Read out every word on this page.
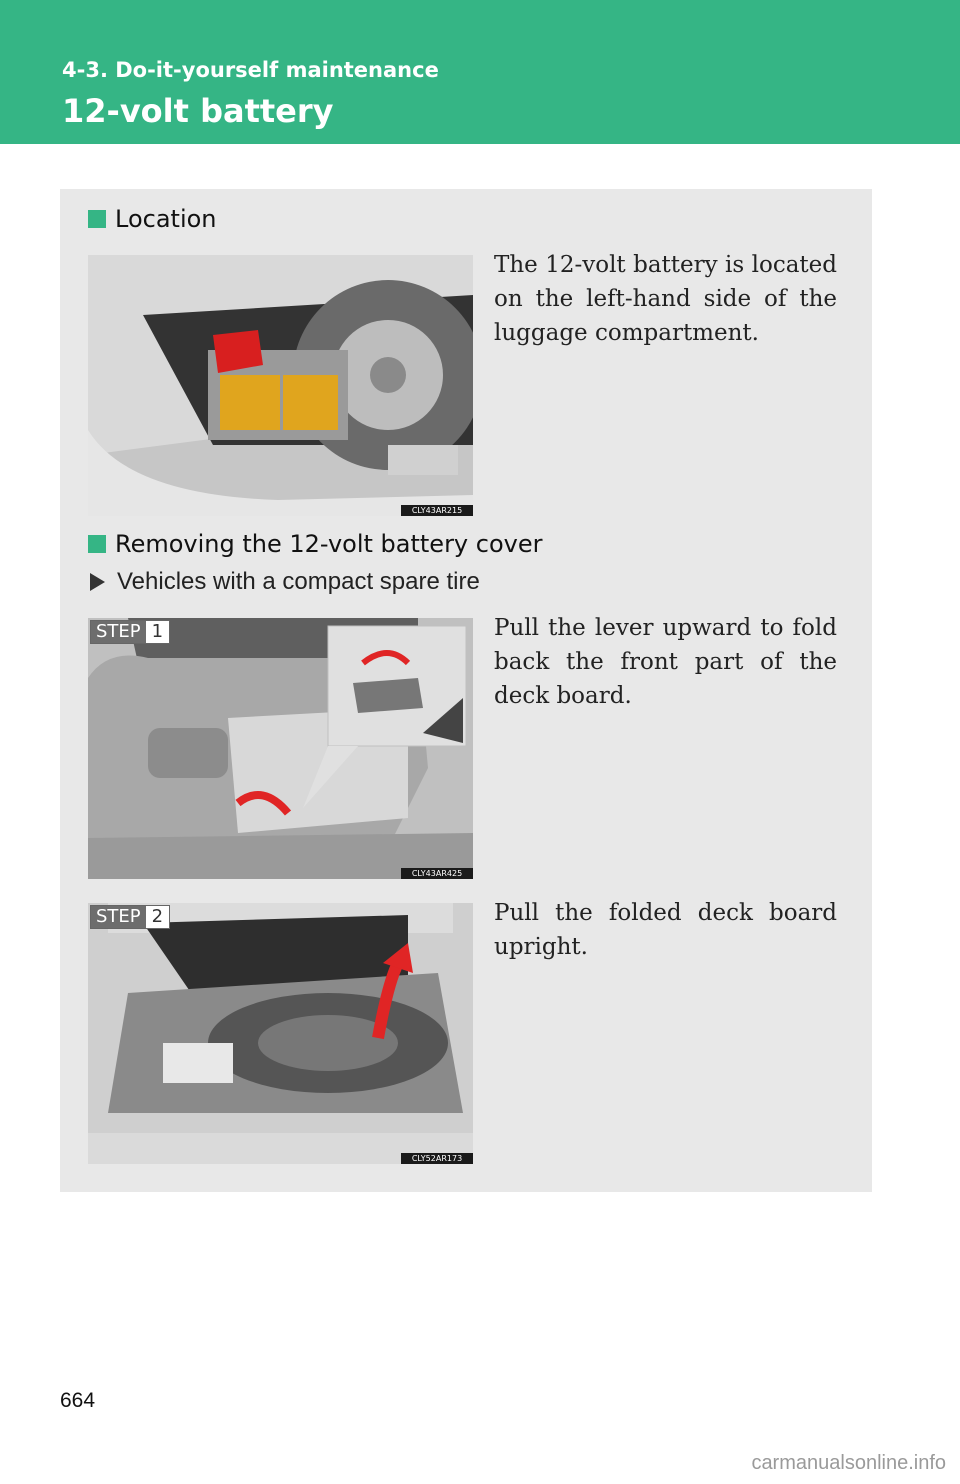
4-3. Do-it-yourself maintenance
12-volt battery
Location
CLY43AR215
The 12-volt battery is located on the left-hand side of the luggage compartment.
Removing the 12-volt battery cover
Vehicles with a compact spare tire
STEP 1
CLY43AR425
Pull the lever upward to fold back the front part of the deck board.
STEP 2
CLY52AR173
Pull the folded deck board upright.
664
carmanualsonline.info
